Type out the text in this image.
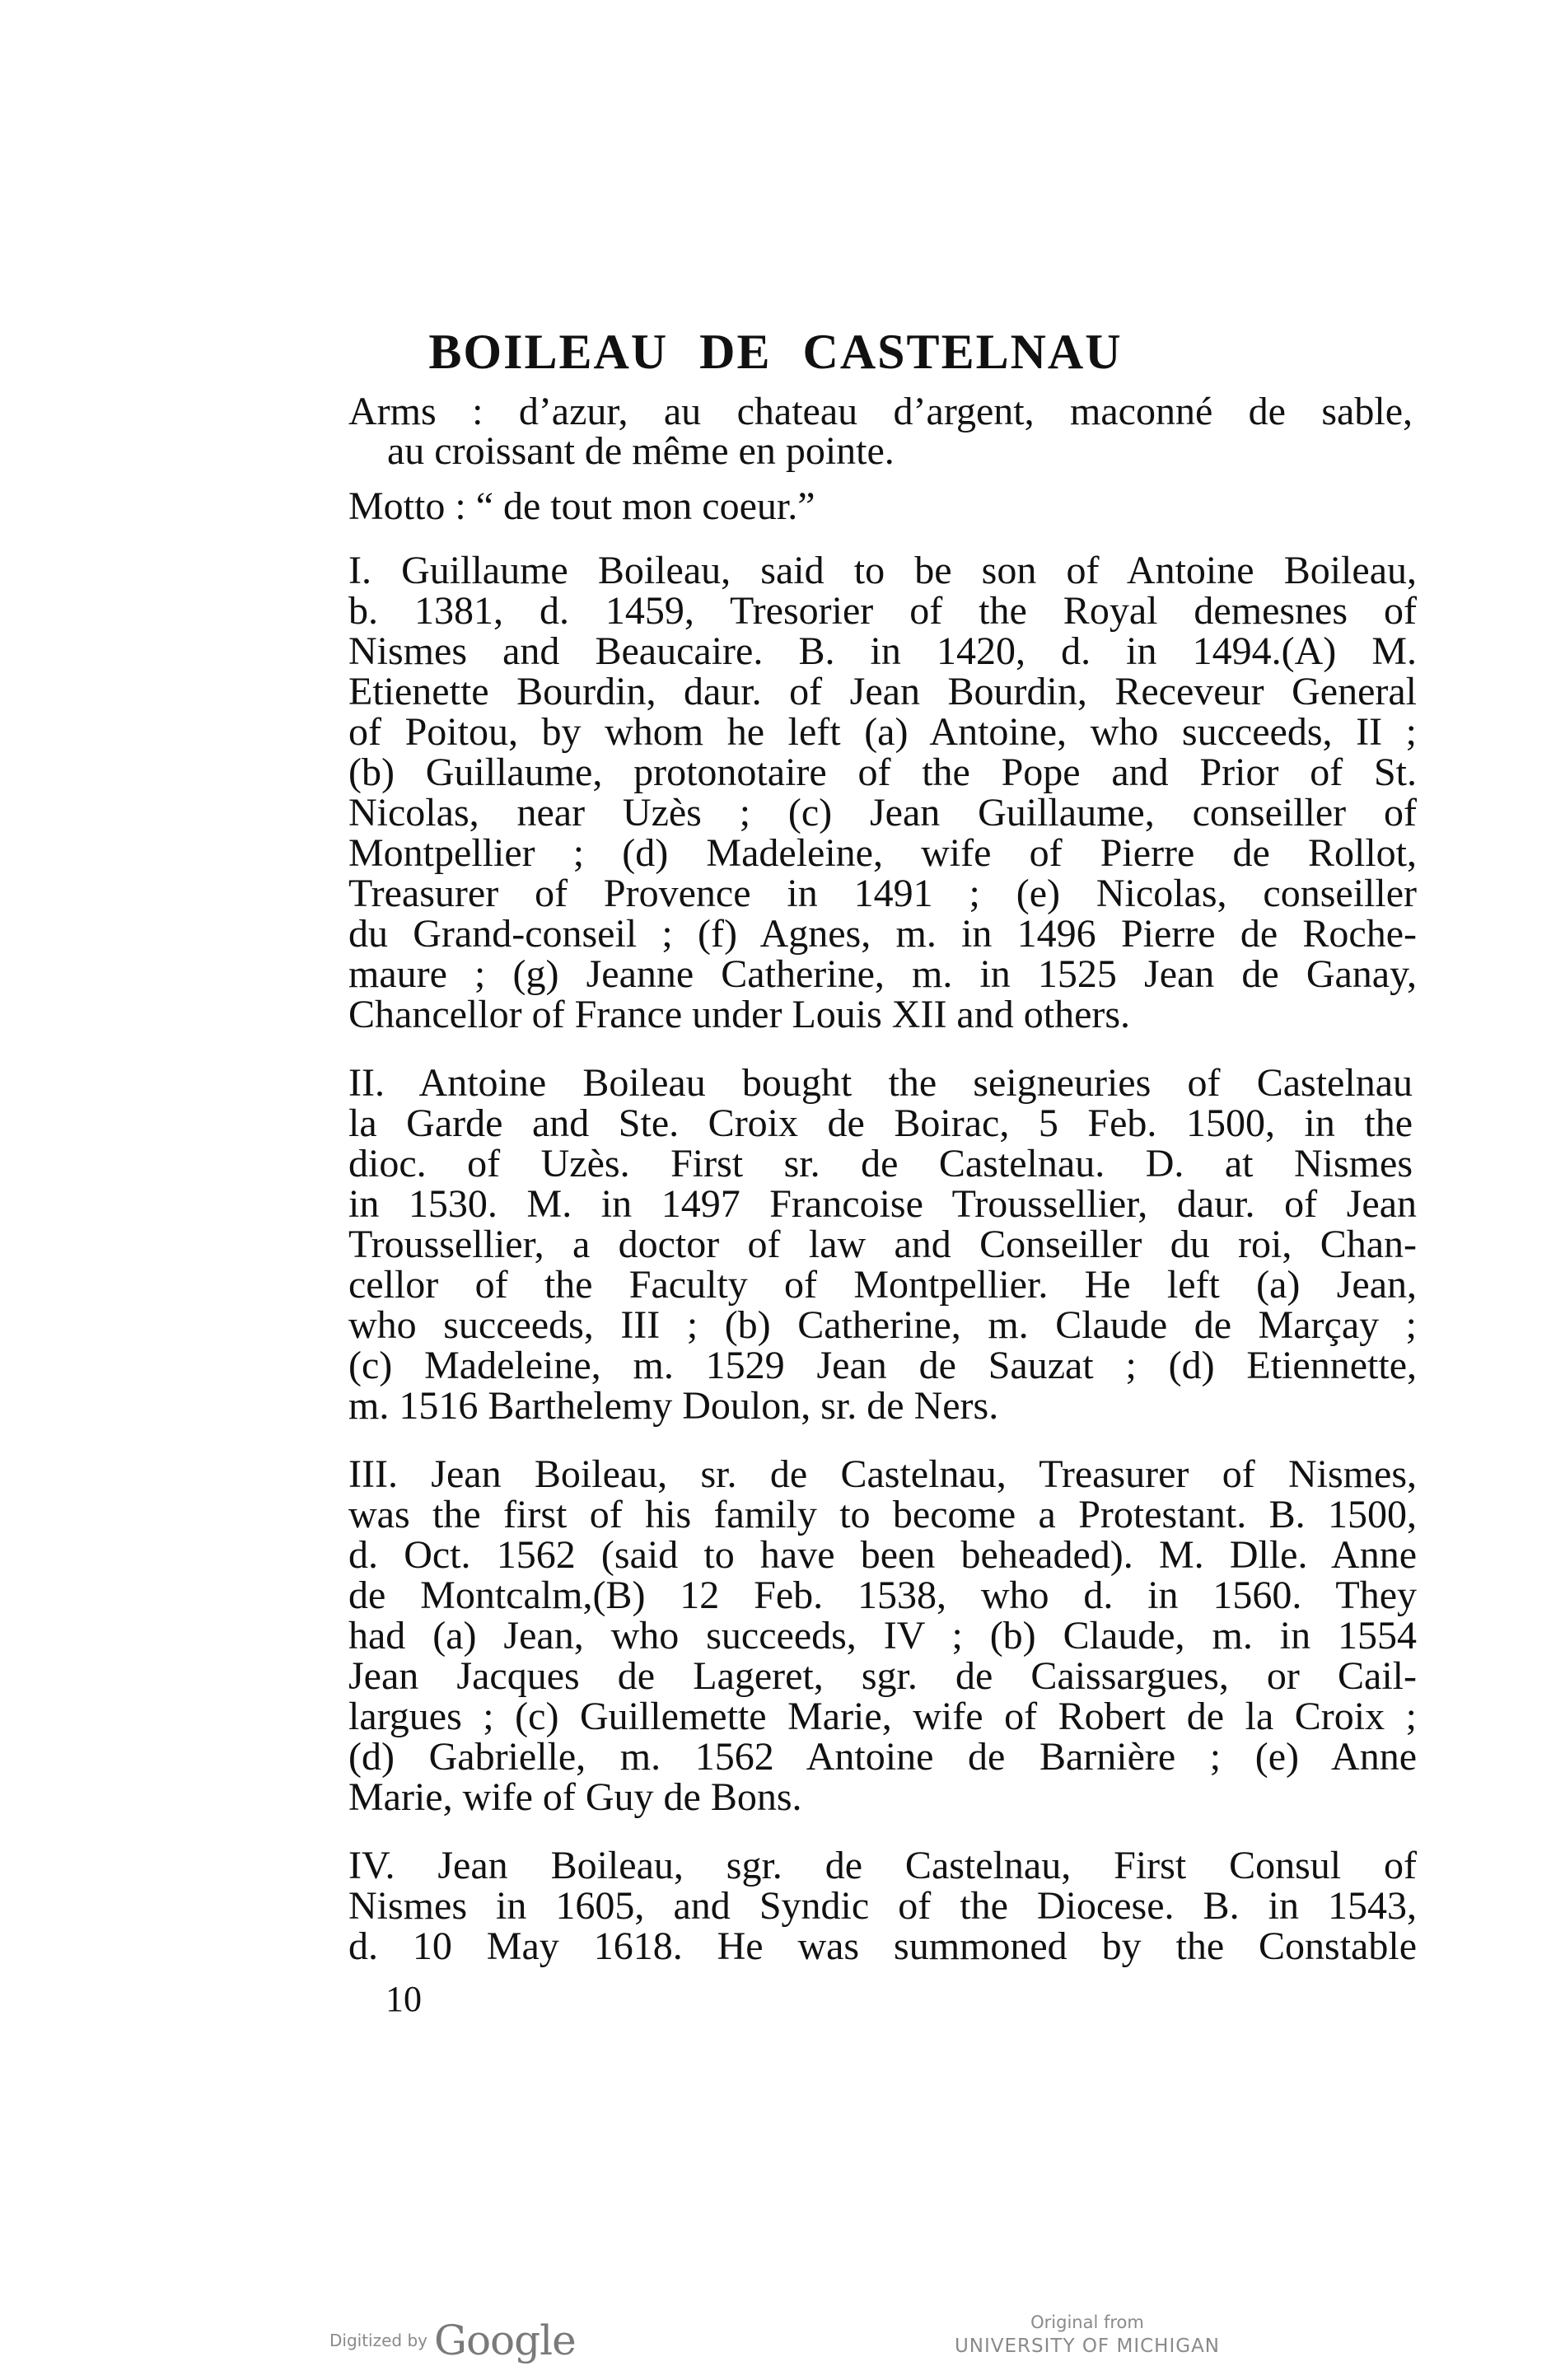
BOILEAU DE CASTELNAU
Arms : d’azur, au chateau d’argent, maconné de sable,
au croissant de même en pointe.
Motto : “ de tout mon coeur.”
I. Guillaume Boileau, said to be son of Antoine Boileau,
b. 1381, d. 1459, Tresorier of the Royal demesnes of
Nismes and Beaucaire. B. in 1420, d. in 1494.(A) M.
Etienette Bourdin, daur. of Jean Bourdin, Receveur General
of Poitou, by whom he left (a) Antoine, who succeeds, II ;
(b) Guillaume, protonotaire of the Pope and Prior of St.
Nicolas, near Uzès ; (c) Jean Guillaume, conseiller of
Montpellier ; (d) Madeleine, wife of Pierre de Rollot,
Treasurer of Provence in 1491 ; (e) Nicolas, conseiller
du Grand-conseil ; (f) Agnes, m. in 1496 Pierre de Roche-
maure ; (g) Jeanne Catherine, m. in 1525 Jean de Ganay,
Chancellor of France under Louis XII and others.
II. Antoine Boileau bought the seigneuries of Castelnau
la Garde and Ste. Croix de Boirac, 5 Feb. 1500, in the
dioc. of Uzès. First sr. de Castelnau. D. at Nismes
in 1530. M. in 1497 Francoise Troussellier, daur. of Jean
Troussellier, a doctor of law and Conseiller du roi, Chan-
cellor of the Faculty of Montpellier. He left (a) Jean,
who succeeds, III ; (b) Catherine, m. Claude de Marçay ;
(c) Madeleine, m. 1529 Jean de Sauzat ; (d) Etiennette,
m. 1516 Barthelemy Doulon, sr. de Ners.
III. Jean Boileau, sr. de Castelnau, Treasurer of Nismes,
was the first of his family to become a Protestant. B. 1500,
d. Oct. 1562 (said to have been beheaded). M. Dlle. Anne
de Montcalm,(B) 12 Feb. 1538, who d. in 1560. They
had (a) Jean, who succeeds, IV ; (b) Claude, m. in 1554
Jean Jacques de Lageret, sgr. de Caissargues, or Cail-
largues ; (c) Guillemette Marie, wife of Robert de la Croix ;
(d) Gabrielle, m. 1562 Antoine de Barnière ; (e) Anne
Marie, wife of Guy de Bons.
IV. Jean Boileau, sgr. de Castelnau, First Consul of
Nismes in 1605, and Syndic of the Diocese. B. in 1543,
d. 10 May 1618. He was summoned by the Constable
10
Digitized by Google	Original from
UNIVERSITY OF MICHIGAN
